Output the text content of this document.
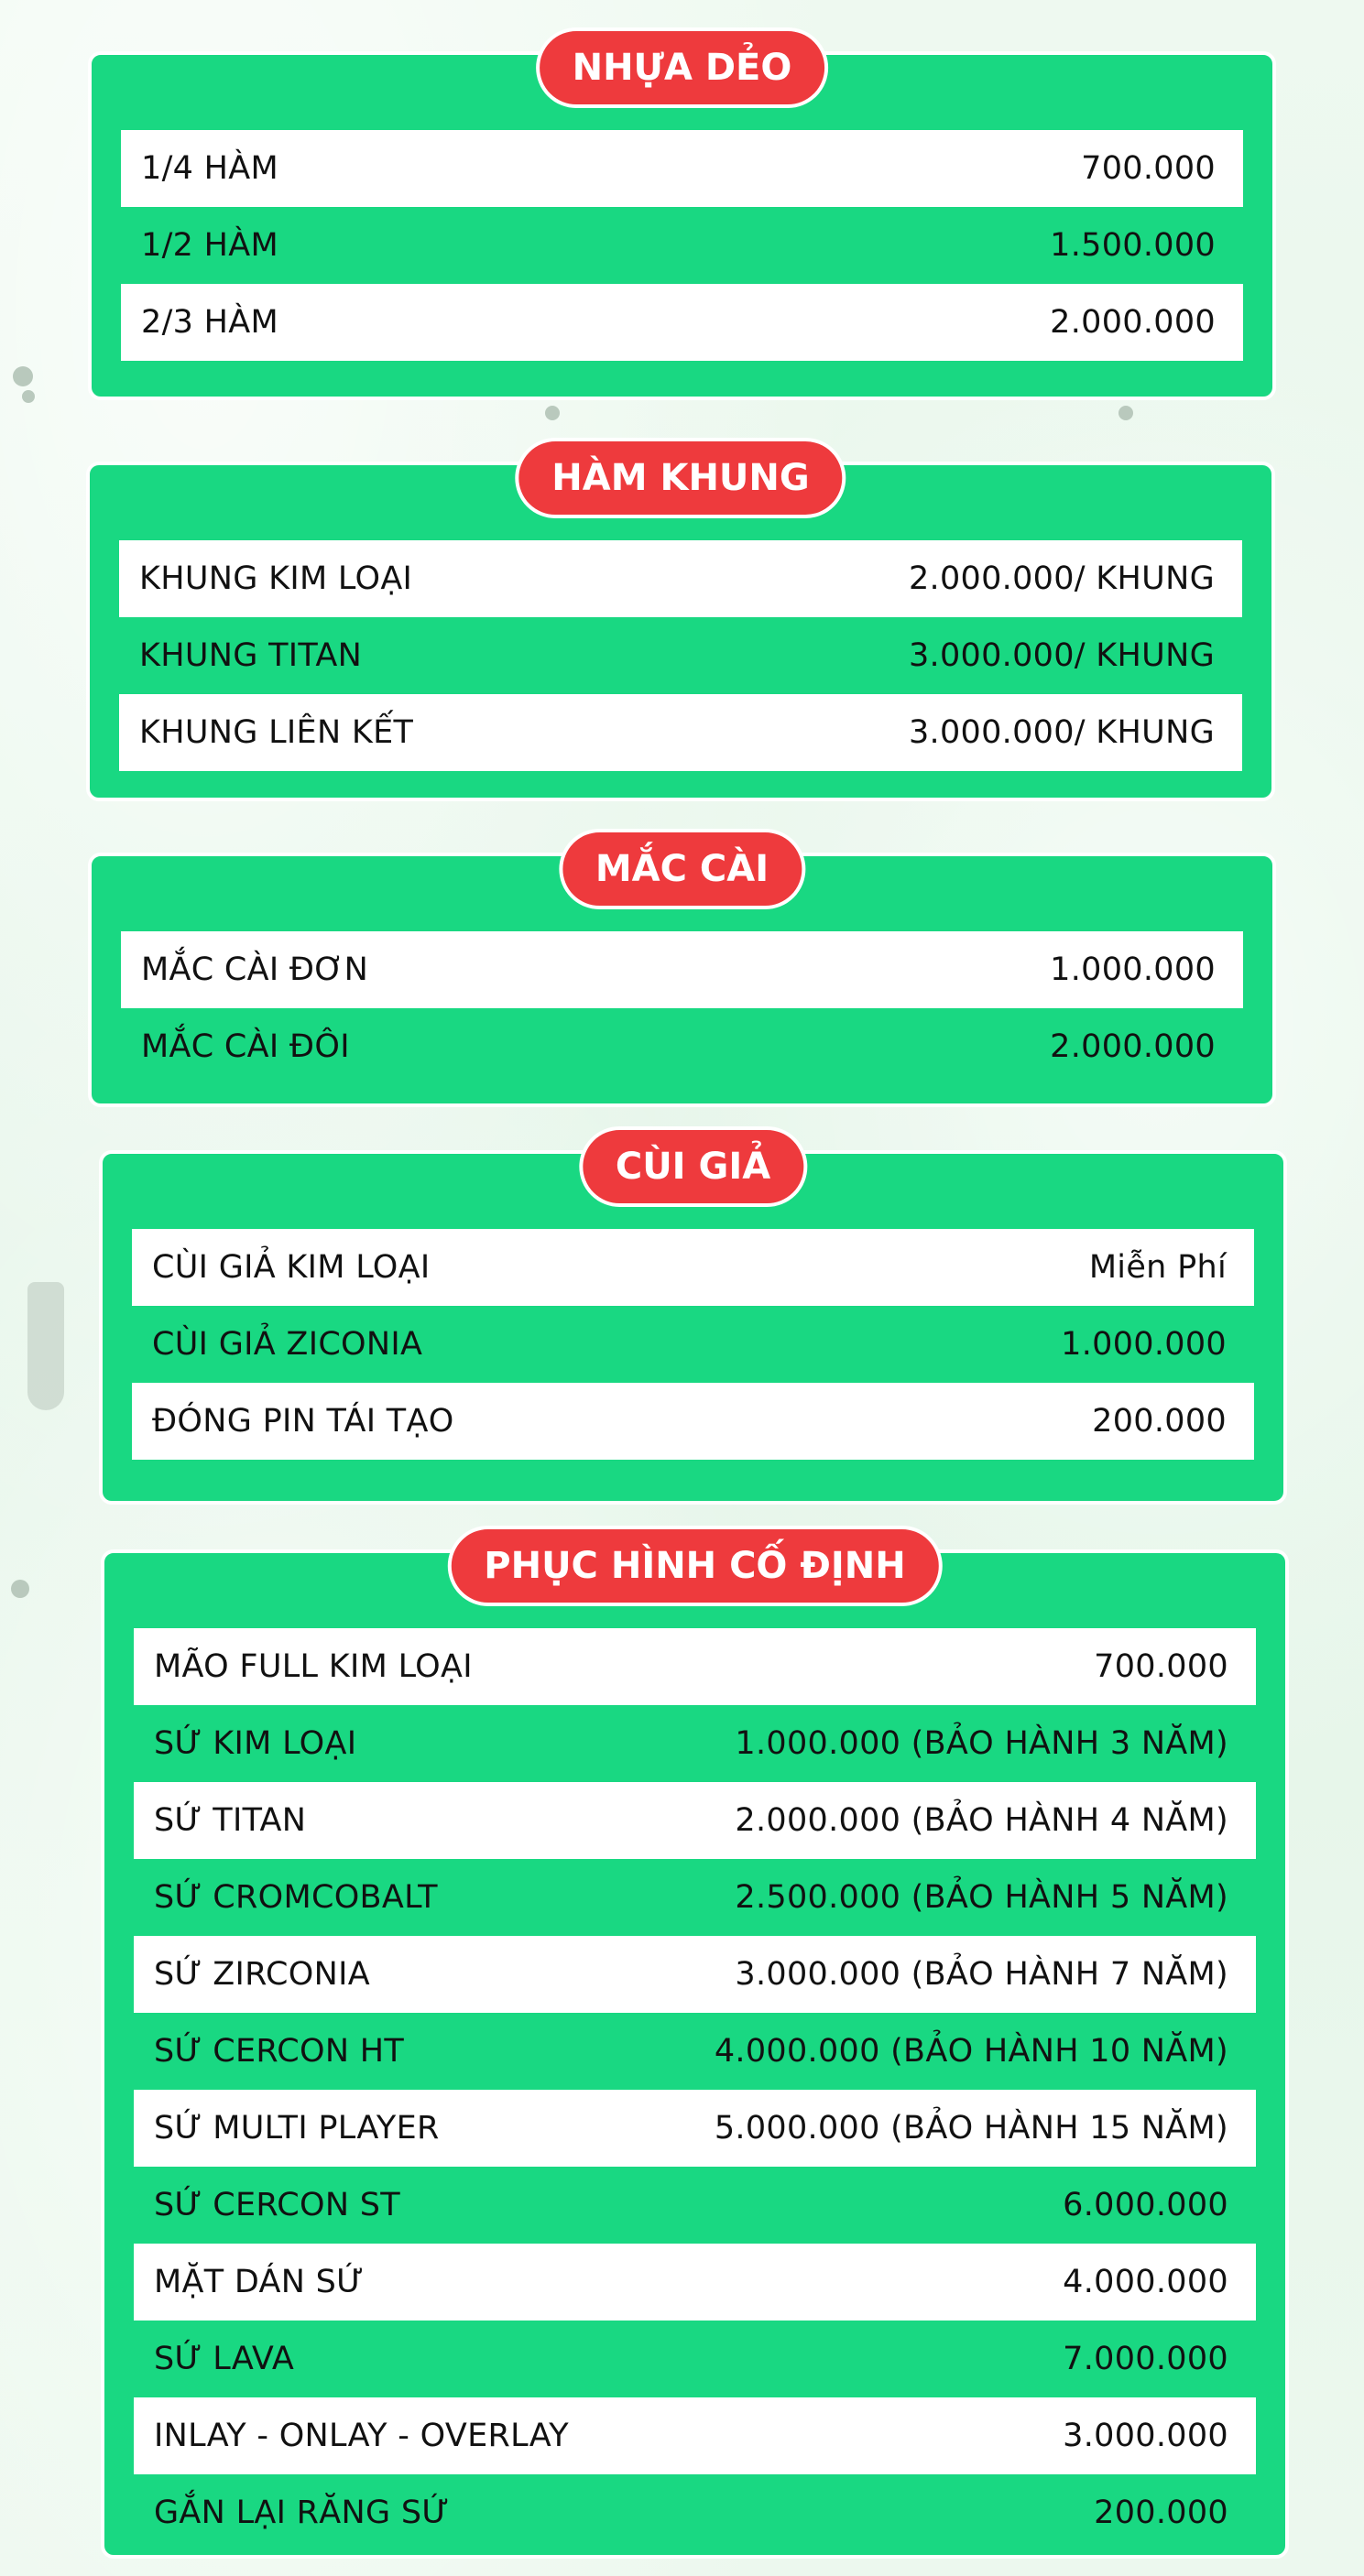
NHỰA DẺO
1/4 HÀM	700.000
1/2 HÀM	1.500.000
2/3 HÀM	2.000.000
HÀM KHUNG
KHUNG KIM LOẠI	2.000.000/ KHUNG
KHUNG TITAN	3.000.000/ KHUNG
KHUNG LIÊN KẾT	3.000.000/ KHUNG
MẮC CÀI
MẮC CÀI ĐƠN	1.000.000
MẮC CÀI ĐÔI	2.000.000
CÙI GIẢ
CÙI GIẢ KIM LOẠI	Miễn Phí
CÙI GIẢ ZICONIA	1.000.000
ĐÓNG PIN TÁI TẠO	200.000
PHỤC HÌNH CỐ ĐỊNH
MÃO FULL KIM LOẠI	700.000
SỨ KIM LOẠI	1.000.000 (BẢO HÀNH 3 NĂM)
SỨ TITAN	2.000.000 (BẢO HÀNH 4 NĂM)
SỨ CROMCOBALT	2.500.000 (BẢO HÀNH 5 NĂM)
SỨ ZIRCONIA	3.000.000 (BẢO HÀNH 7 NĂM)
SỨ CERCON HT	4.000.000 (BẢO HÀNH 10 NĂM)
SỨ MULTI PLAYER	5.000.000 (BẢO HÀNH 15 NĂM)
SỨ CERCON ST	6.000.000
MẶT DÁN SỨ	4.000.000
SỨ LAVA	7.000.000
INLAY - ONLAY - OVERLAY	3.000.000
GẮN LẠI RĂNG SỨ	200.000
